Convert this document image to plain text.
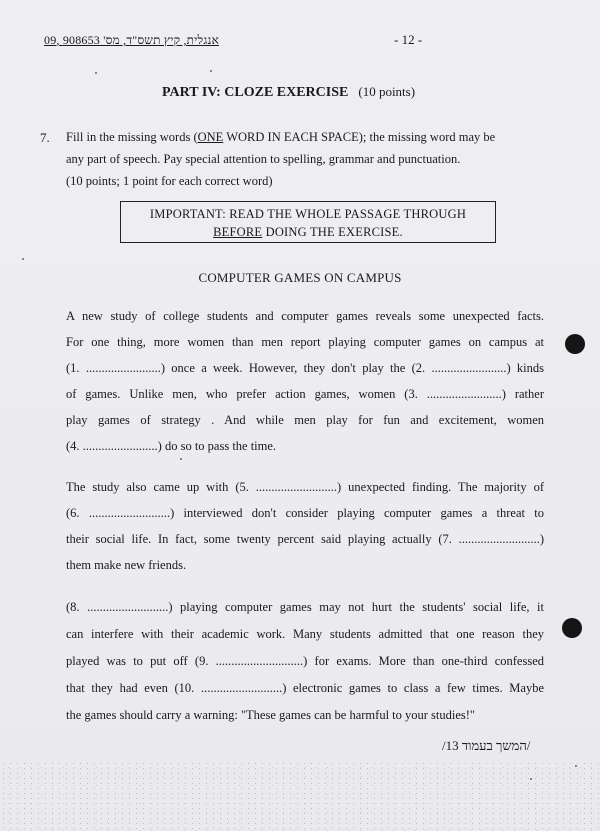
אנגלית, קיץ תשס"ד, מס' 908653 ,09	- 12 -
PART IV: CLOZE EXERCISE (10 points)
7. Fill in the missing words (ONE WORD IN EACH SPACE); the missing word may be
any part of speech. Pay special attention to spelling, grammar and punctuation.
(10 points; 1 point for each correct word)
IMPORTANT: READ THE WHOLE PASSAGE THROUGH
BEFORE DOING THE EXERCISE.
COMPUTER GAMES ON CAMPUS
A new study of college students and computer games reveals some unexpected facts.
For one thing, more women than men report playing computer games on campus at
(1. ........................) once a week. However, they don't play the (2. ........................) kinds
of games. Unlike men, who prefer action games, women (3. ........................) rather
play games of strategy . And while men play for fun and excitement, women
(4. ........................) do so to pass the time.
The study also came up with (5. ..........................) unexpected finding. The majority of
(6. ..........................) interviewed don't consider playing computer games a threat to
their social life. In fact, some twenty percent said playing actually (7. ..........................)
them make new friends.
(8. ..........................) playing computer games may not hurt the students' social life, it
can interfere with their academic work. Many students admitted that one reason they
played was to put off (9. ............................) for exams. More than one-third confessed
that they had even (10. ..........................) electronic games to class a few times. Maybe
the games should carry a warning: "These games can be harmful to your studies!"
/המשך בעמוד 13/
